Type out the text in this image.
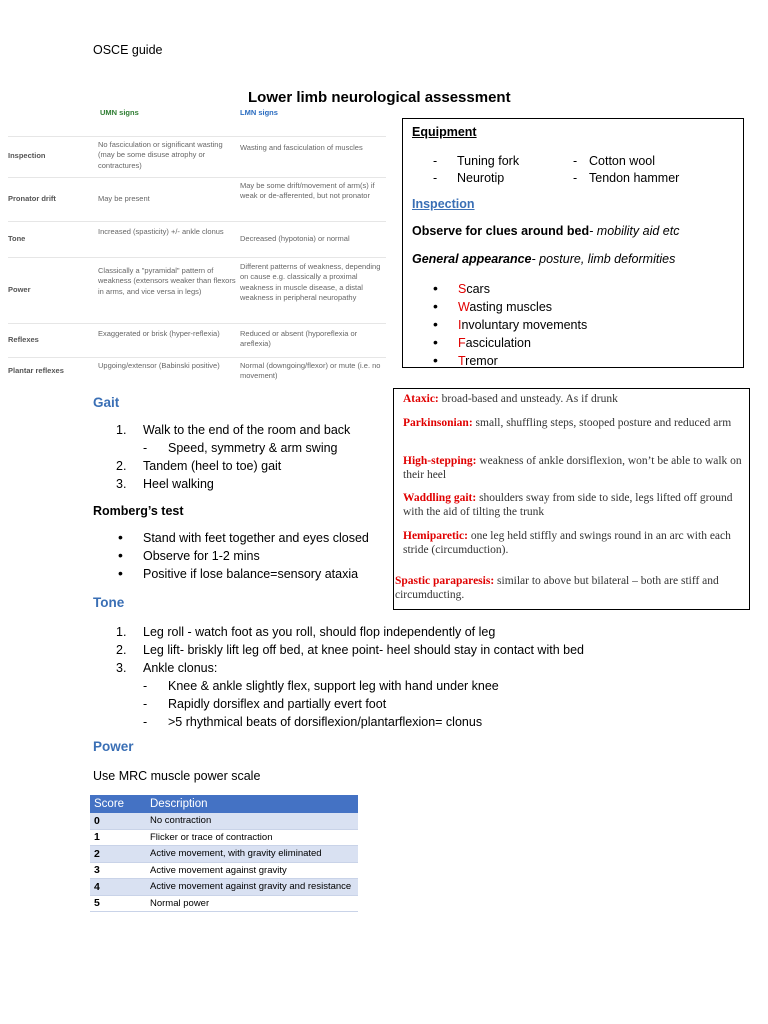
OSCE guide
Lower limb neurological assessment
	UMN signs	LMN signs
Inspection	No fasciculation or significant wasting (may be some disuse atrophy or contractures)	Wasting and fasciculation of muscles
Pronator drift	May be present	May be some drift/movement of arm(s) if weak or de-afferented, but not pronator
Tone	Increased (spasticity) +/- ankle clonus	Decreased (hypotonia) or normal
Power	Classically a "pyramidal" pattern of weakness (extensors weaker than flexors in arms, and vice versa in legs)	Different patterns of weakness, depending on cause e.g. classically a proximal weakness in muscle disease, a distal weakness in peripheral neuropathy
Reflexes	Exaggerated or brisk (hyper-reflexia)	Reduced or absent (hyporeflexia or areflexia)
Plantar reflexes	Upgoing/extensor (Babinski positive)	Normal (downgoing/flexor) or mute (i.e. no movement)
Equipment
- Tuning fork
- Neurotip
- Cotton wool
- Tendon hammer
Inspection
Observe for clues around bed- mobility aid etc
General appearance- posture, limb deformities
• Scars
• Wasting muscles
• Involuntary movements
• Fasciculation
• Tremor
Ataxic: broad-based and unsteady. As if drunk
Parkinsonian: small, shuffling steps, stooped posture and reduced arm
High-stepping: weakness of ankle dorsiflexion, won’t be able to walk on their heel
Waddling gait: shoulders sway from side to side, legs lifted off ground with the aid of tilting the trunk
Hemiparetic: one leg held stiffly and swings round in an arc with each stride (circumduction).
Spastic paraparesis: similar to above but bilateral – both are stiff and circumducting.
Gait
1. Walk to the end of the room and back
- Speed, symmetry & arm swing
2. Tandem (heel to toe) gait
3. Heel walking
Romberg’s test
• Stand with feet together and eyes closed
• Observe for 1-2 mins
• Positive if lose balance=sensory ataxia
Tone
1. Leg roll - watch foot as you roll, should flop independently of leg
2. Leg lift- briskly lift leg off bed, at knee point- heel should stay in contact with bed
3. Ankle clonus:
- Knee & ankle slightly flex, support leg with hand under knee
- Rapidly dorsiflex and partially evert foot
- >5 rhythmical beats of dorsiflexion/plantarflexion= clonus
Power
Use MRC muscle power scale
Score	Description
0	No contraction
1	Flicker or trace of contraction
2	Active movement, with gravity eliminated
3	Active movement against gravity
4	Active movement against gravity and resistance
5	Normal power
